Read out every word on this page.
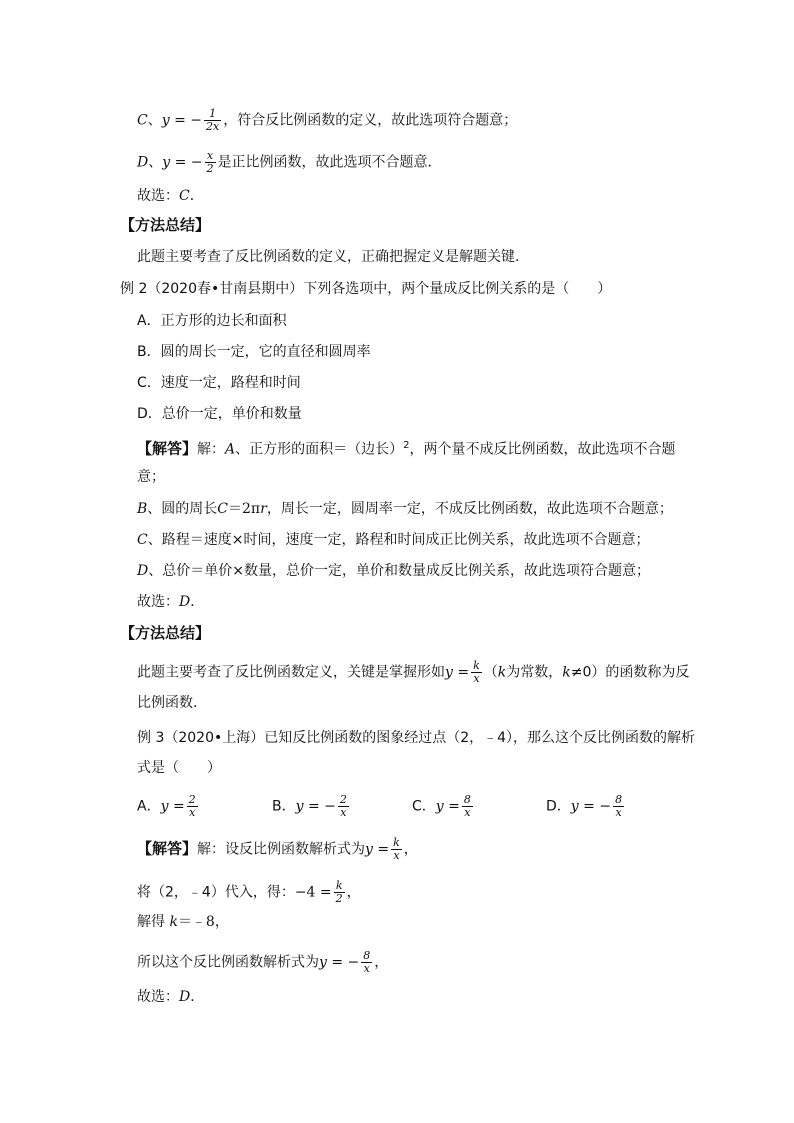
C、y = − $\frac{1}{2x}$ ，符合反比例函数的定义，故此选项符合题意；
D、y = − $\frac{x}{2}$ 是正比例函数，故此选项不合题意．
故选：C．
【方法总结】
此题主要考查了反比例函数的定义，正确把握定义是解题关键．
例 2（2020春•甘南县期中）下列各选项中，两个量成反比例关系的是（　　）
A．正方形的边长和面积
B．圆的周长一定，它的直径和圆周率
C．速度一定，路程和时间
D．总价一定，单价和数量
【解答】解：A、正方形的面积＝（边长）$^2$，两个量不成反比例函数，故此选项不合题
意；
B、圆的周长C＝2πr，周长一定，圆周率一定，不成反比例函数，故此选项不合题意；
C、路程＝速度×时间，速度一定，路程和时间成正比例关系，故此选项不合题意；
D、总价＝单价×数量，总价一定，单价和数量成反比例关系，故此选项符合题意；
故选：D．
【方法总结】
此题主要考查了反比例函数定义，关键是掌握形如$y = \frac{k}{x} (k$为常数，k≠0）的函数称为反
比例函数．
例 3（2020•上海）已知反比例函数的图象经过点（2，﹣4），那么这个反比例函数的解析
式是（　　）
A．$y = \frac{2}{x}$	B．y = − $\frac{2}{x}$	C．$y = \frac{8}{x}$	D．y = − $\frac{8}{x}$
【解答】解：设反比例函数解析式为$y = \frac{k}{x}$ ，
将（2，﹣4）代入，得：$-4 = \frac{k}{2}$ ，
解得 k＝﹣8，
所以这个反比例函数解析式为y = − $\frac{8}{x}$ ，
故选：D．
